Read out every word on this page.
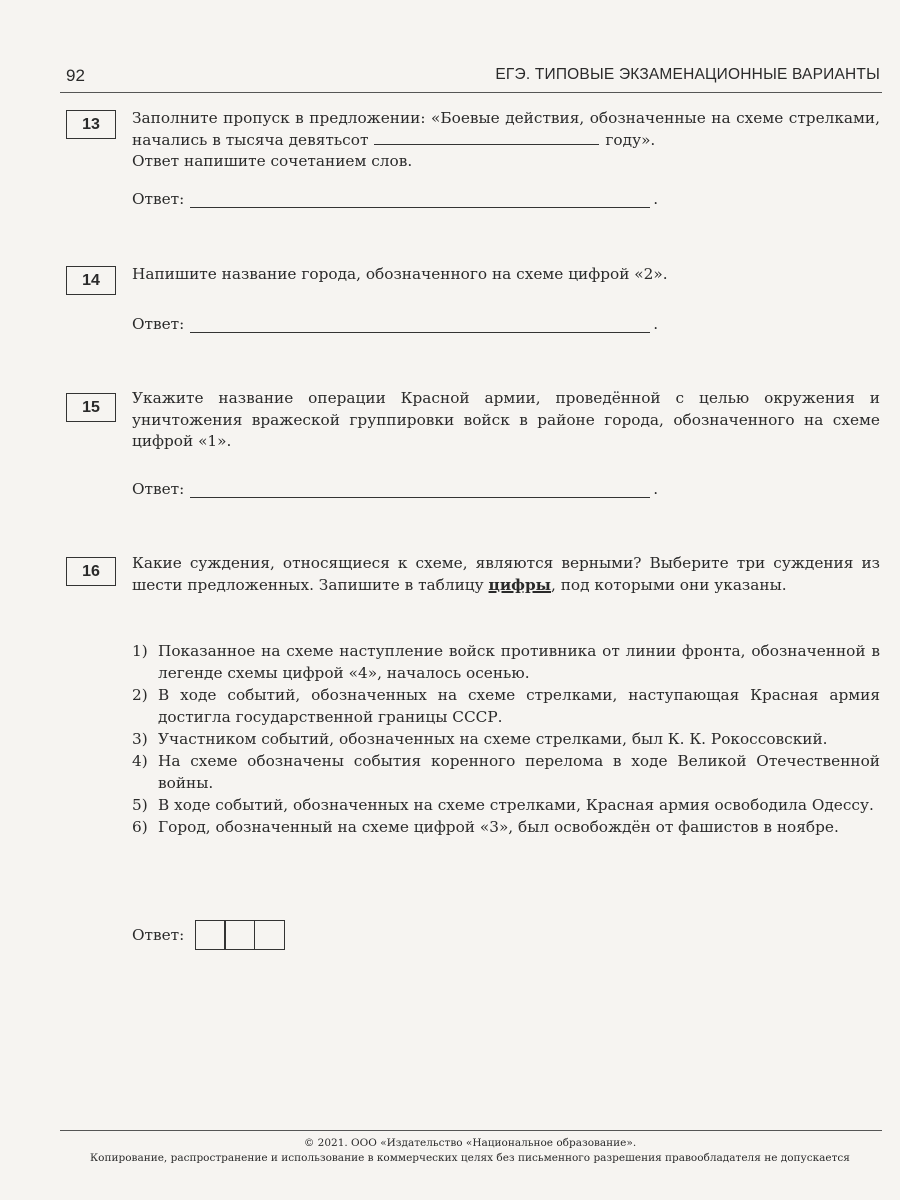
92	ЕГЭ. ТИПОВЫЕ ЭКЗАМЕНАЦИОННЫЕ ВАРИАНТЫ
13	Заполните пропуск в предложении: «Боевые действия, обозначенные на схеме стрелками, начались в тысяча девятьсот	году».

Ответ напишите сочетанием слов.

Ответ:	.
14	Напишите название города, обозначенного на схеме цифрой «2».
Ответ:	.
15	Укажите название операции Красной армии, проведённой с целью окружения и уничтожения вражеской группировки войск в районе города, обозначенного на схеме цифрой «1».

Ответ:	.
16	Какие суждения, относящиеся к схеме, являются верными? Выберите три суждения из шести предложенных. Запишите в таблицу цифры, под которыми они указаны.

1) Показанное на схеме наступление войск противника от линии фронта, обозначенной в легенде схемы цифрой «4», началось осенью.
2) В ходе событий, обозначенных на схеме стрелками, наступающая Красная армия достигла государственной границы СССР.
3) Участником событий, обозначенных на схеме стрелками, был К. К. Рокоссовский.
4) На схеме обозначены события коренного перелома в ходе Великой Отечественной войны.
5) В ходе событий, обозначенных на схеме стрелками, Красная армия освободила Одессу.
6) Город, обозначенный на схеме цифрой «3», был освобождён от фашистов в ноябре.
Ответ:
© 2021. ООО «Издательство «Национальное образование».
Копирование, распространение и использование в коммерческих целях без письменного разрешения правообладателя не допускается
